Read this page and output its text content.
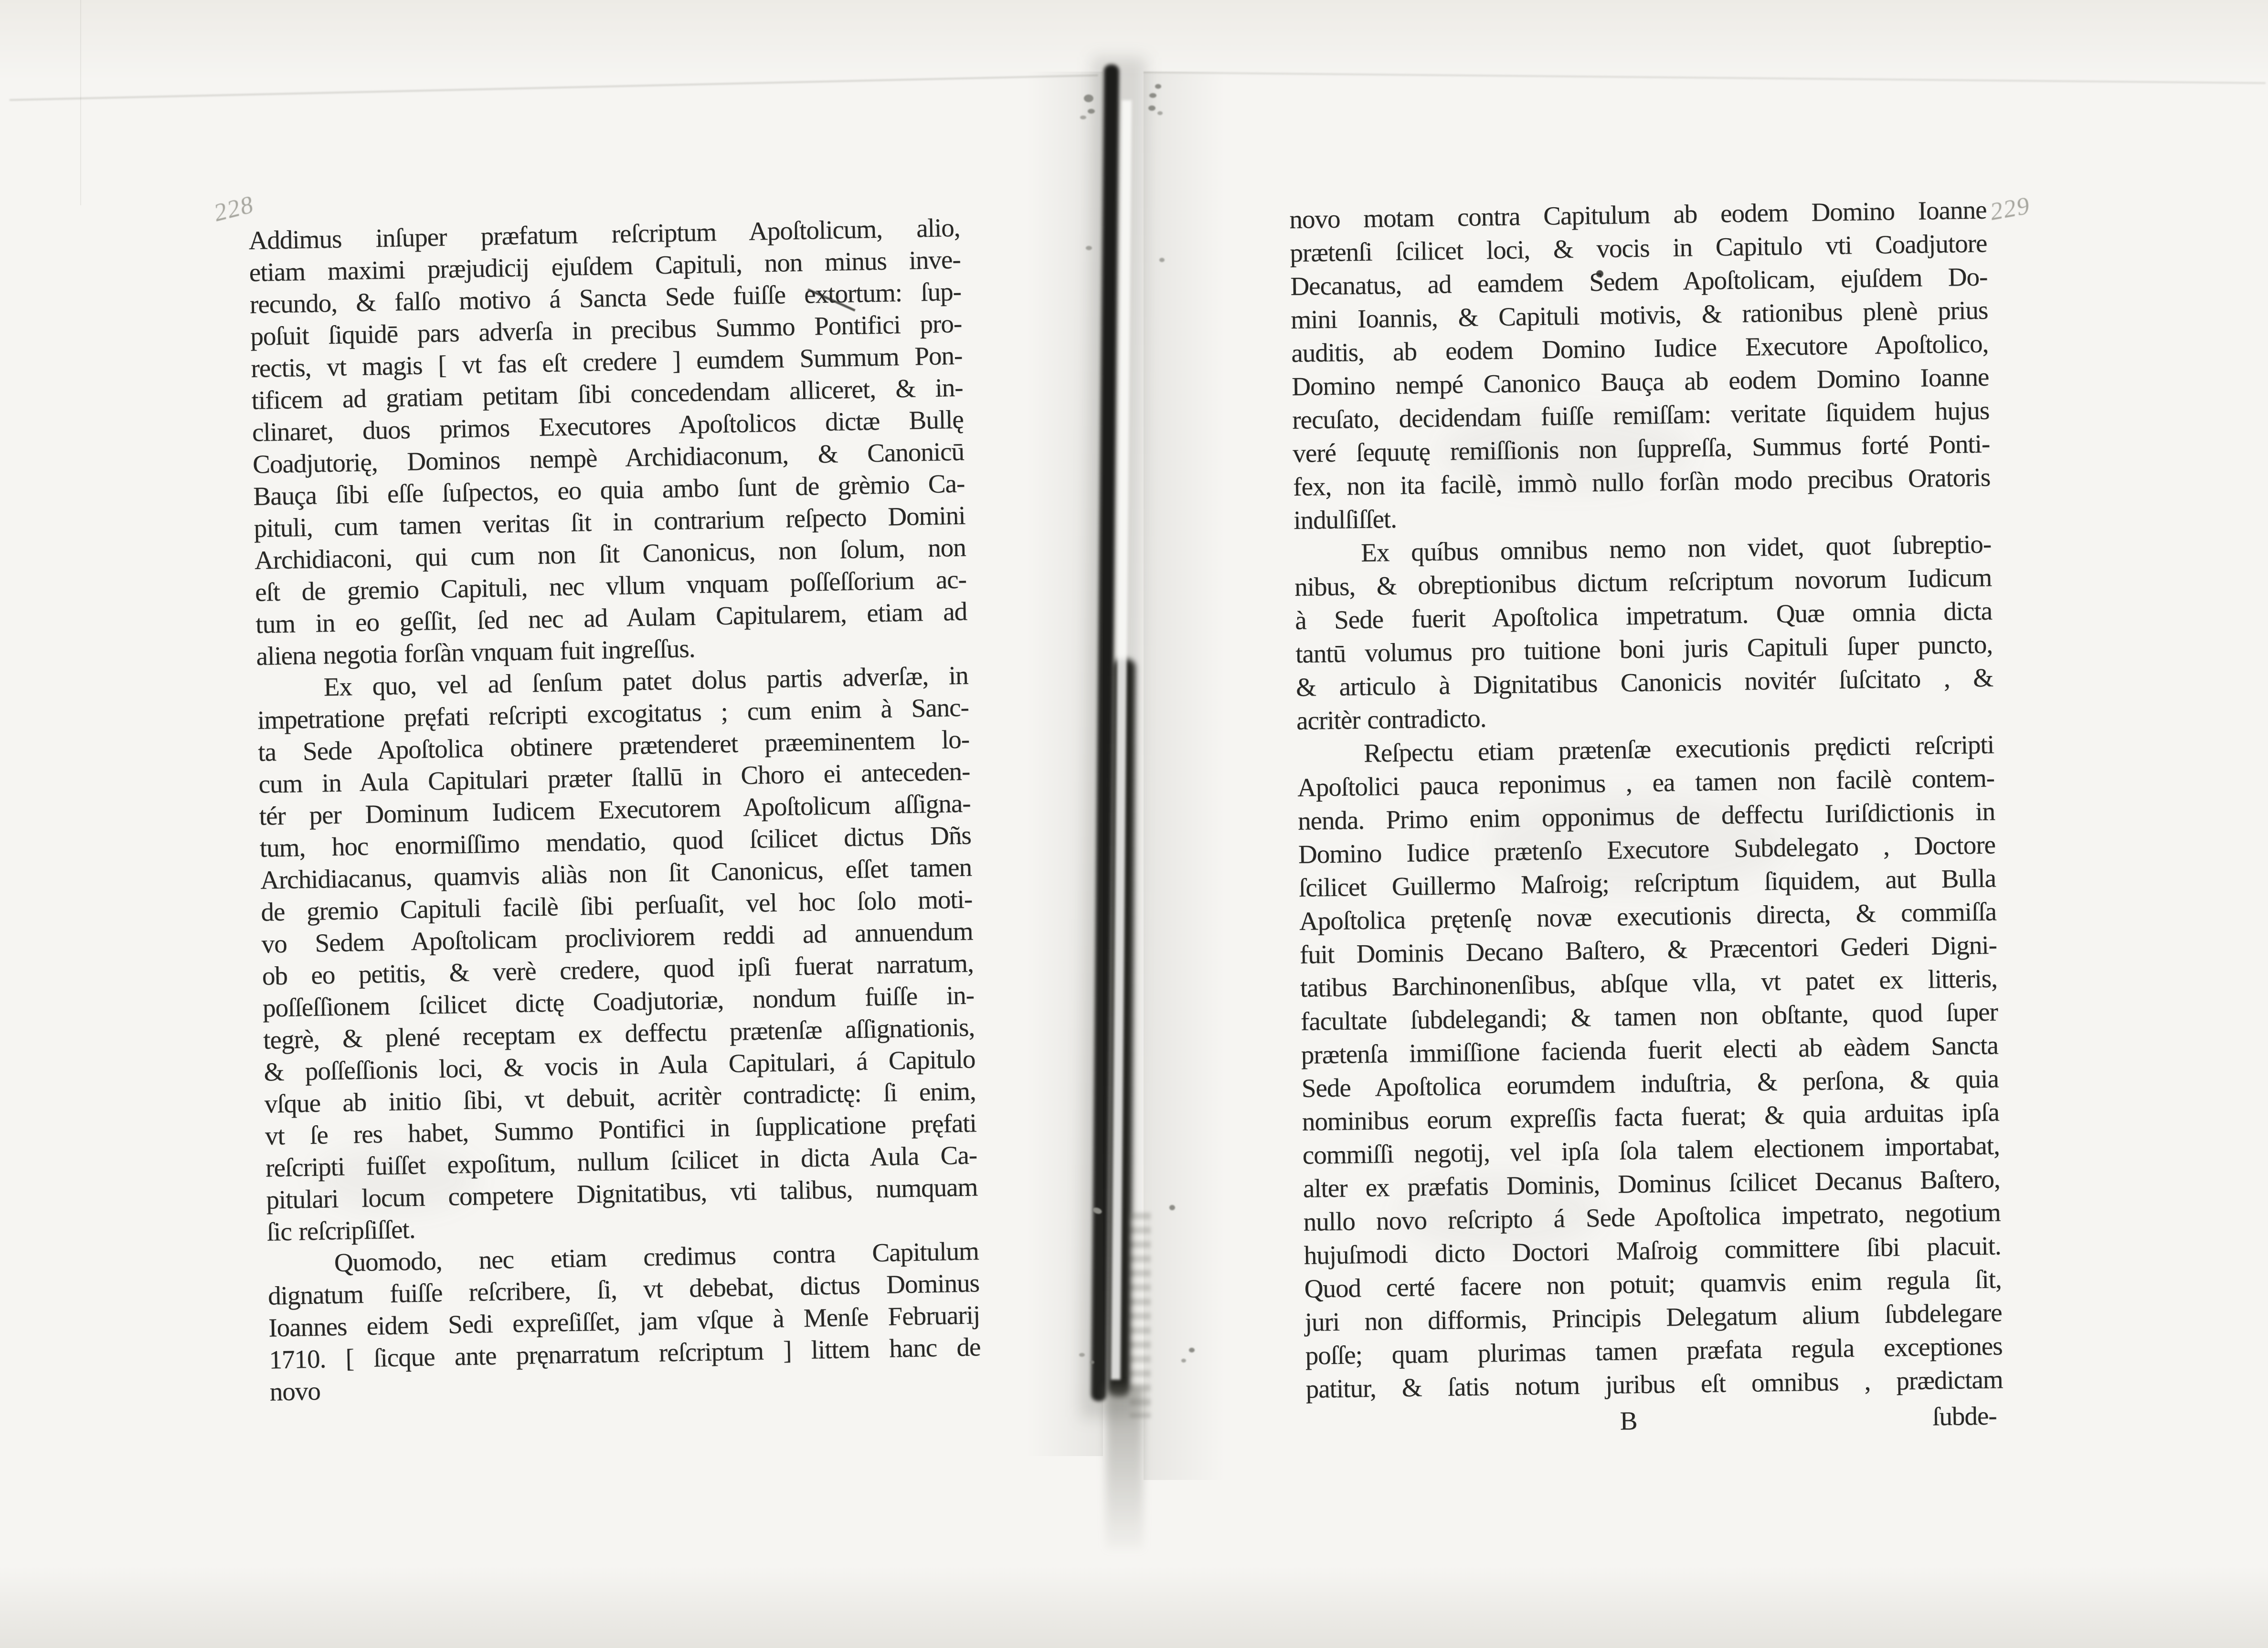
228	229
Addimus inſuper præfatum reſcriptum Apoſtolicum, alio,
etiam maximi præjudicij ejuſdem Capituli, non minus inve-
recundo, & falſo motivo á Sancta Sede fuiſſe extortum: ſup-
poſuit ſiquidē pars adverſa in precibus Summo Pontifici pro-
rectis, vt magis [ vt fas eſt credere ] eumdem Summum Pon-
tificem ad gratiam petitam ſibi concedendam alliceret, & in-
clinaret, duos primos Executores Apoſtolicos dictæ Bullę
Coadjutorię, Dominos nempè Archidiaconum, & Canonicū
Bauça ſibi eſſe ſuſpectos, eo quia ambo ſunt de grèmio Ca-
pituli, cum tamen veritas ſit in contrarium reſpecto Domini
Archidiaconi, qui cum non ſit Canonicus, non ſolum, non
eſt de gremio Capituli, nec vllum vnquam poſſeſſorium ac-
tum in eo geſſit, ſed nec ad Aulam Capitularem, etiam ad
aliena negotia forſàn vnquam fuit ingreſſus.
Ex quo, vel ad ſenſum patet dolus partis adverſæ, in
impetratione pręfati reſcripti excogitatus ; cum enim à Sanc-
ta Sede Apoſtolica obtinere prætenderet præeminentem lo-
cum in Aula Capitulari præter ſtallū in Choro ei anteceden-
tér per Dominum Iudicem Executorem Apoſtolicum aſſigna-
tum, hoc enormiſſimo mendatio, quod ſcilicet dictus Dñs
Archidiacanus, quamvis aliàs non ſit Canonicus, eſſet tamen
de gremio Capituli facilè ſibi perſuaſit, vel hoc ſolo moti-
vo Sedem Apoſtolicam procliviorem reddi ad annuendum
ob eo petitis, & verè credere, quod ipſi fuerat narratum,
poſſeſſionem ſcilicet dictę Coadjutoriæ, nondum fuiſſe in-
tegrè, & plené receptam ex deffectu prætenſæ aſſignationis,
& poſſeſſionis loci, & vocis in Aula Capitulari, á Capitulo
vſque ab initio ſibi, vt debuit, acritèr contradictę: ſi enim,
vt ſe res habet, Summo Pontifici in ſupplicatione pręfati
reſcripti fuiſſet expoſitum, nullum ſcilicet in dicta Aula Ca-
pitulari locum competere Dignitatibus, vti talibus, numquam
ſic reſcripſiſſet.
Quomodo, nec etiam credimus contra Capitulum
dignatum fuiſſe reſcribere, ſi, vt debebat, dictus Dominus
Ioannes eidem Sedi expreſiſſet, jam vſque à Menſe Februarij
1710. [ ſicque ante pręnarratum reſcriptum ] littem hanc de
novo
novo motam contra Capitulum ab eodem Domino Ioanne
prætenſi ſcilicet loci, & vocis in Capitulo vti Coadjutore
Decanatus, ad eamdem Sedem Apoſtolicam, ejuſdem Do-
mini Ioannis, & Capituli motivis, & rationibus plenè prius
auditis, ab eodem Domino Iudice Executore Apoſtolico,
Domino nempé Canonico Bauça ab eodem Domino Ioanne
recuſato, decidendam fuiſſe remiſſam: veritate ſiquidem hujus
veré ſequutę remiſſionis non ſuppreſſa, Summus forté Ponti-
fex, non ita facilè, immò nullo forſàn modo precibus Oratoris
indulſiſſet.
Ex quíbus omnibus nemo non videt, quot ſubreptio-
nibus, & obreptionibus dictum reſcriptum novorum Iudicum
à Sede fuerit Apoſtolica impetratum. Quæ omnia dicta
tantū volumus pro tuitione boni juris Capituli ſuper puncto,
& articulo à Dignitatibus Canonicis novitér ſuſcitato , &
acritèr contradicto.
Reſpectu etiam prætenſæ executionis prędicti reſcripti
Apoſtolici pauca reponimus , ea tamen non facilè contem-
nenda. Primo enim opponimus de deffectu Iuriſdictionis in
Domino Iudice prætenſo Executore Subdelegato , Doctore
ſcilicet Guillermo Maſroig; reſcriptum ſiquidem, aut Bulla
Apoſtolica prętenſę novæ executionis directa, & commiſſa
fuit Dominis Decano Baſtero, & Præcentori Gederi Digni-
tatibus Barchinonenſibus, abſque vlla, vt patet ex litteris,
facultate ſubdelegandi; & tamen non obſtante, quod ſuper
prætenſa immiſſione facienda fuerit electi ab eàdem Sancta
Sede Apoſtolica eorumdem induſtria, & perſona, & quia
nominibus eorum expreſſis facta fuerat; & quia arduitas ipſa
commiſſi negotij, vel ipſa ſola talem electionem importabat,
alter ex præfatis Dominis, Dominus ſcilicet Decanus Baſtero,
nullo novo reſcripto á Sede Apoſtolica impetrato, negotium
hujuſmodi dicto Doctori Maſroig committere ſibi placuit.
Quod certé facere non potuit; quamvis enim regula ſit,
juri non difformis, Principis Delegatum alium ſubdelegare
poſſe; quam plurimas tamen præfata regula exceptiones
patitur, & ſatis notum juribus eſt omnibus , prædictam
B	ſubde-
